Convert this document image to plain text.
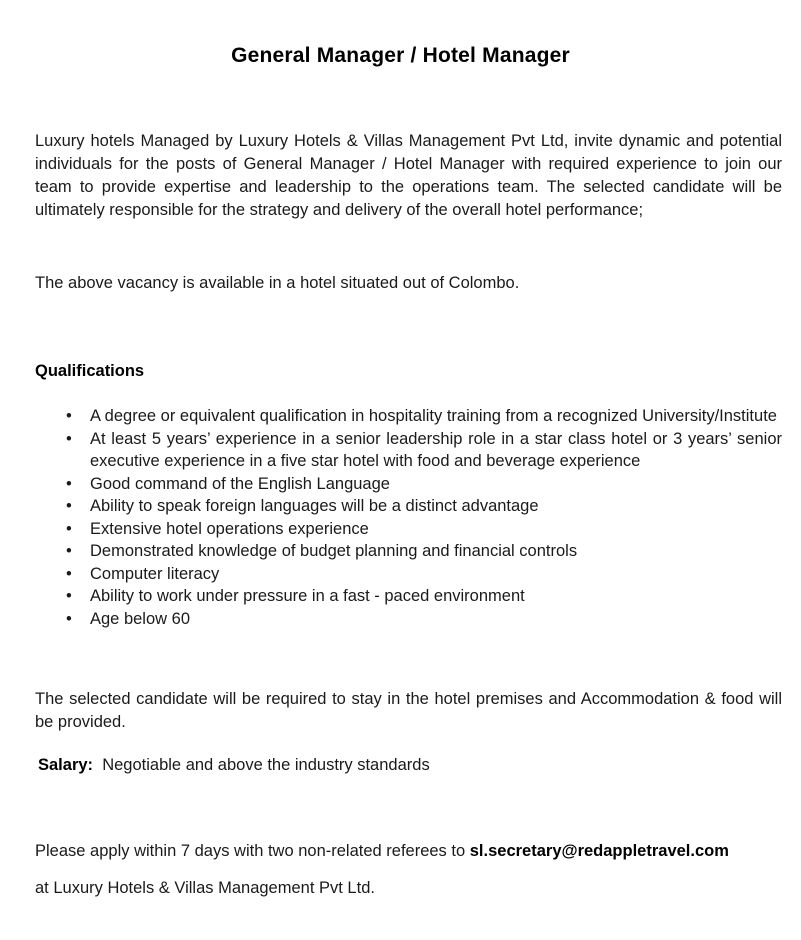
General Manager / Hotel Manager
Luxury hotels Managed by Luxury Hotels & Villas Management Pvt Ltd, invite dynamic and potential individuals for the posts of General Manager / Hotel Manager with required experience to join our team to provide expertise and leadership to the operations team. The selected candidate will be ultimately responsible for the strategy and delivery of the overall hotel performance;
The above vacancy is available in a hotel situated out of Colombo.
Qualifications
• A degree or equivalent qualification in hospitality training from a recognized University/Institute
• At least 5 years’ experience in a senior leadership role in a star class hotel or 3 years’ senior executive experience in a five star hotel with food and beverage experience
• Good command of the English Language
• Ability to speak foreign languages will be a distinct advantage
• Extensive hotel operations experience
• Demonstrated knowledge of budget planning and financial controls
• Computer literacy
• Ability to work under pressure in a fast - paced environment
• Age below 60
The selected candidate will be required to stay in the hotel premises and Accommodation & food will be provided.
Salary: Negotiable and above the industry standards
Please apply within 7 days with two non-related referees to sl.secretary@redappletravel.com
at Luxury Hotels & Villas Management Pvt Ltd.
